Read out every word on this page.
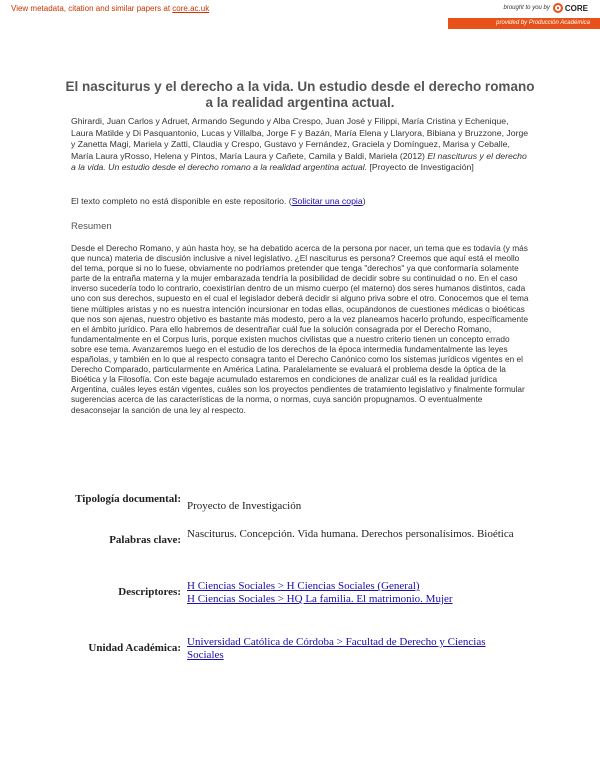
View metadata, citation and similar papers at core.ac.uk	brought to you by CORE
provided by Producción Académica
El nasciturus y el derecho a la vida. Un estudio desde el derecho romano a la realidad argentina actual.
Ghirardi, Juan Carlos y Adruet, Armando Segundo y Alba Crespo, Juan José y Filippi, María Cristina y Echenique, Laura Matilde y Di Pasquantonio, Lucas y Villalba, Jorge F y Bazán, María Elena y Llaryora, Bibiana y Bruzzone, Jorge y Zanetta Magi, Mariela y Zatti, Claudia y Crespo, Gustavo y Fernández, Graciela y Domínguez, Marisa y Ceballe, María Laura yRosso, Helena y Pintos, María Laura y Cañete, Camila y Baldi, Mariela (2012) El nasciturus y el derecho a la vida. Un estudio desde el derecho romano a la realidad argentina actual. [Proyecto de Investigación]
El texto completo no está disponible en este repositorio. (Solicitar una copia)
Resumen
Desde el Derecho Romano, y aún hasta hoy, se ha debatido acerca de la persona por nacer, un tema que es todavía (y más que nunca) materia de discusión inclusive a nivel legislativo. ¿El nasciturus es persona? Creemos que aquí está el meollo del tema, porque si no lo fuese, obviamente no podríamos pretender que tenga "derechos" ya que conformaría solamente parte de la entraña materna y la mujer embarazada tendría la posibilidad de decidir sobre su continuidad o no. En el caso inverso sucedería todo lo contrario, coexistirían dentro de un mismo cuerpo (el materno) dos seres humanos distintos, cada uno con sus derechos, supuesto en el cual el legislador deberá decidir si alguno priva sobre el otro. Conocemos que el tema tiene múltiples aristas y no es nuestra intención incursionar en todas ellas, ocupándonos de cuestiones médicas o bioéticas que nos son ajenas, nuestro objetivo es bastante más modesto, pero a la vez planeamos hacerlo profundo, específicamente en el ámbito jurídico. Para ello habremos de desentrañar cuál fue la solución consagrada por el Derecho Romano, fundamentalmente en el Corpus Iuris, porque existen muchos civilistas que a nuestro criterio tienen un concepto errado sobre ese tema. Avanzaremos luego en el estudio de los derechos de la época intermedia fundamentalmente las leyes españolas, y también en lo que al respecto consagra tanto el Derecho Canónico como los sistemas jurídicos vigentes en el Derecho Comparado, particularmente en América Latina. Paralelamente se evaluará el problema desde la óptica de la Bioética y la Filosofía. Con este bagaje acumulado estaremos en condiciones de analizar cuál es la realidad jurídica Argentina, cuáles leyes están vigentes, cuáles son los proyectos pendientes de tratamiento legislativo y finalmente formular sugerencias acerca de las características de la norma, o normas, cuya sanción propugnamos. O eventualmente desaconsejar la sanción de una ley al respecto.
Tipología documental:
Proyecto de Investigación
Palabras clave: Nasciturus. Concepción. Vida humana. Derechos personalísimos. Bioética
Descriptores: H Ciencias Sociales > H Ciencias Sociales (General)
H Ciencias Sociales > HQ La familia. El matrimonio. Mujer
Unidad Académica: Universidad Católica de Córdoba > Facultad de Derecho y Ciencias Sociales
